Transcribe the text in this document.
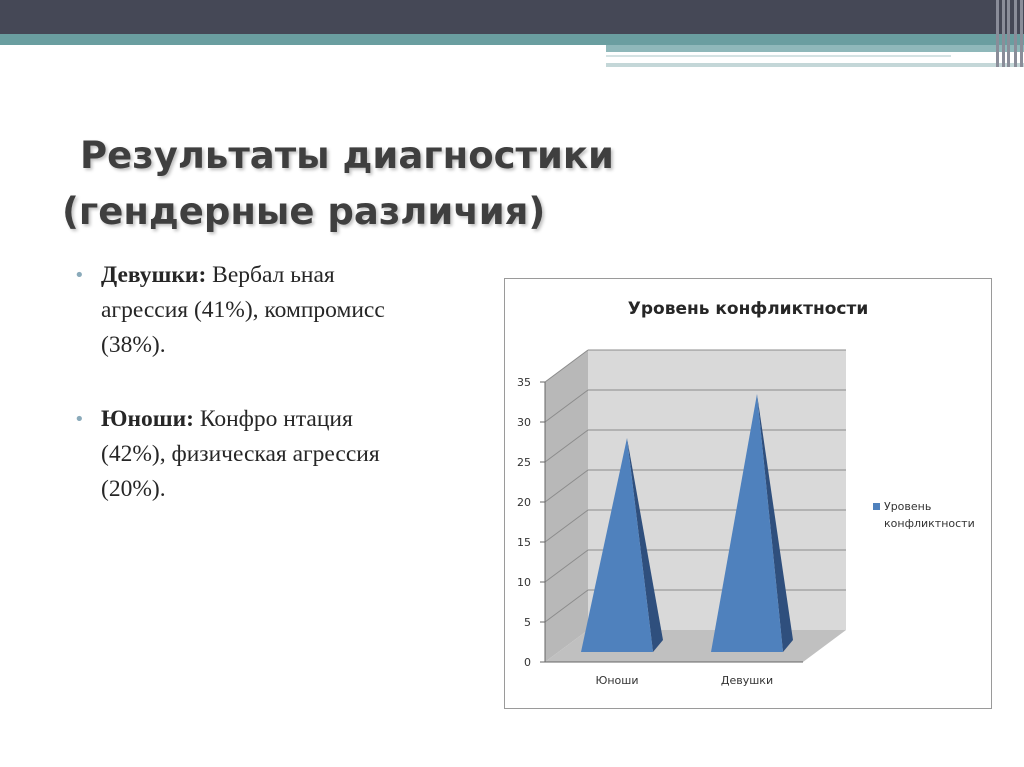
Результаты диагностики
(гендерные различия)
• Девушки: Вербал ьная агрессия (41%), компромисс (38%).
• Юноши: Конфро нтация (42%), физическая агрессия (20%).
Уровень конфликтности
0
5
10
15
20
25
30
35
Юноши	Девушки
Уровень
конфликтности
